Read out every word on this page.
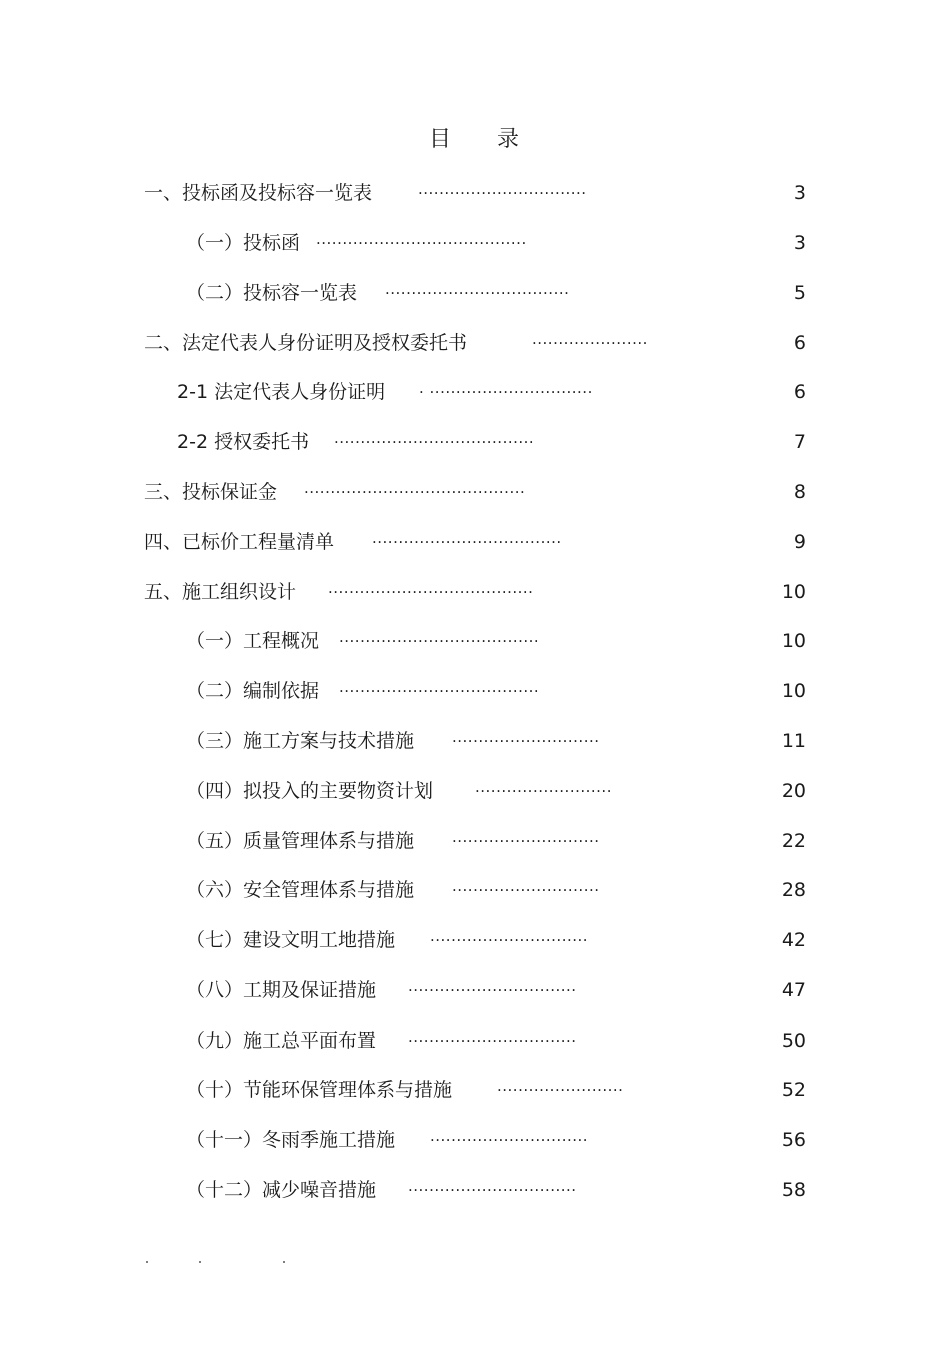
目 录
一、投标函及投标容一览表	................................	3
（一）投标函 ........................................	3
（二）投标容一览表 ...................................	5
二、法定代表人身份证明及授权委托书	......................	6
2-1 法定代表人身份证明 . ...............................	6
2-2 授权委托书 ......................................	7
三、投标保证金 ..........................................	8
四、已标价工程量清单	....................................	9
五、施工组织设计 .......................................	10
（一）工程概况 ......................................	10
（二）编制依据 ......................................	10
（三）施工方案与技术措施	............................	11
（四）拟投入的主要物资计划	..........................	20
（五）质量管理体系与措施	............................	22
（六）安全管理体系与措施	............................	28
（七）建设文明工地措施 ..............................	42
（八）工期及保证措施 ................................	47
（九）施工总平面布置 ................................	50
（十）节能环保管理体系与措施	........................	52
（十一）冬雨季施工措施 ..............................	56
（十二）减少噪音措施 ................................	58
